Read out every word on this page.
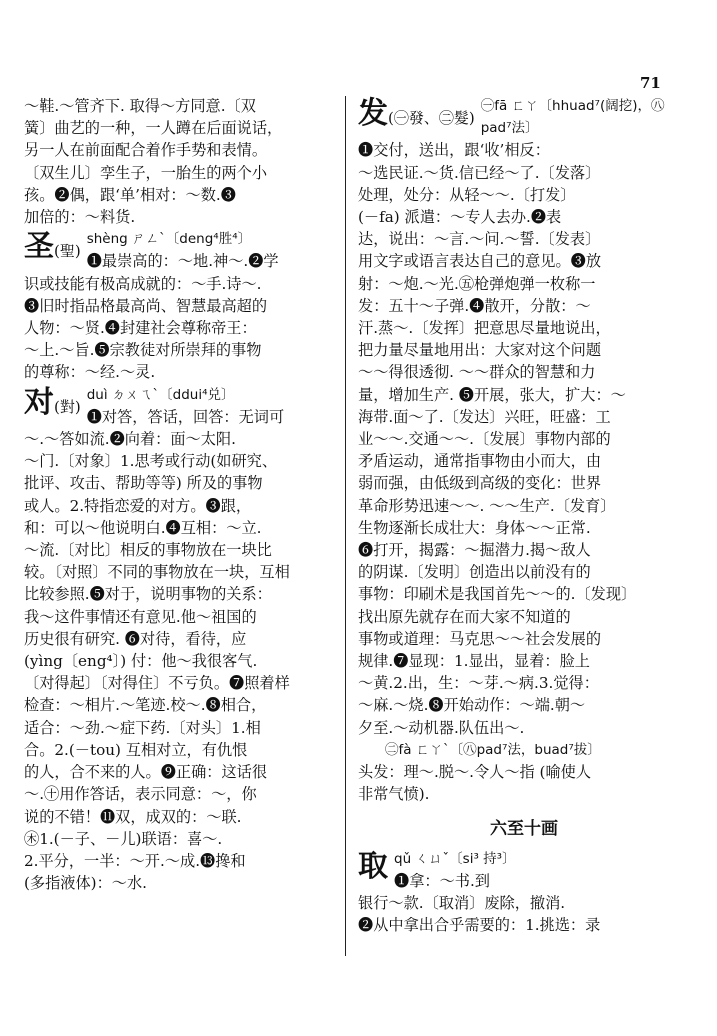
71
～鞋.～管齐下. 取得～方同意.〔双
簧〕曲艺的一种，一人蹲在后面说话，
另一人在前面配合着作手势和表情。
〔双生儿〕孪生子，一胎生的两个小
孩。❷偶，跟‘单’相对：～数.❸
加倍的：～料货.
圣(聖)
shèng ㄕㄥˋ〔deng⁴胜⁴〕
❶最崇高的：～地.神～.❷学
识或技能有极高成就的：～手.诗～.
❸旧时指品格最高尚、智慧最高超的
人物：～贤.❹封建社会尊称帝王：
～上.～旨.❺宗教徒对所崇拜的事物
的尊称：～经.～灵.
对(對)
duì ㄉㄨㄟˋ〔ddui⁴兑〕
❶对答，答话，回答：无词可
～.～答如流.❷向着：面～太阳.
～门.〔对象〕1.思考或行动(如研究、
批评、攻击、帮助等等) 所及的事物
或人。2.特指恋爱的对方。❸跟，
和：可以～他说明白.❹互相：～立.
～流.〔对比〕相反的事物放在一块比
较。〔对照〕不同的事物放在一块，互相
比较参照.❺对于，说明事物的关系：
我～这件事情还有意见.他～祖国的
历史很有研究. ❻对待，看待，应
(yìng〔eng⁴〕) 付：他～我很客气.
〔对得起〕〔对得住〕不亏负。❼照着样
检查：～相片.～笔迹.校～.❽相合，
适合：～劲.～症下药.〔对头〕1.相
合。2.(－tou) 互相对立，有仇恨
的人，合不来的人。❾正确：这话很
～.㊉用作答话，表示同意：～，你
说的不错！⓫双，成双的：～联.
㊍1.(－子、－儿)联语：喜～.
2.平分，一半：～开.～成.⓭搀和
(多指液体)：～水.
发(㊀發、㊁髮)
㊀fā ㄈㄚ〔hhuad⁷(阔挖)，㊇pad⁷法〕
❶交付，送出，跟‘收’相反：
～选民证.～货.信已经～了.〔发落〕
处理，处分：从轻～～.〔打发〕
(－fa) 派遣：～专人去办.❷表
达，说出：～言.～问.～誓.〔发表〕
用文字或语言表达自己的意见。❸放
射：～炮.～光.㊄枪弹炮弹一枚称一
发：五十～子弹.❹散开，分散：～
汗.蒸～.〔发挥〕把意思尽量地说出，
把力量尽量地用出：大家对这个问题
～～得很透彻. ～～群众的智慧和力
量，增加生产. ❺开展，张大，扩大：～
海带.面～了.〔发达〕兴旺，旺盛：工
业～～.交通～～.〔发展〕事物内部的
矛盾运动，通常指事物由小而大，由
弱而强，由低级到高级的变化：世界
革命形势迅速～～. ～～生产.〔发育〕
生物逐渐长成壮大：身体～～正常.
❻打开，揭露：～掘潜力.揭～敌人
的阴谋.〔发明〕创造出以前没有的
事物：印刷术是我国首先～～的.〔发现〕
找出原先就存在而大家不知道的
事物或道理：马克思～～社会发展的
规律.❼显现：1.显出，显着：脸上
～黄.2.出，生：～芽.～病.3.觉得：
～麻.～烧.❽开始动作：～端.朝～
夕至.～动机器.队伍出～.
㊁fà ㄈㄚˋ〔㊇pad⁷法，buad⁷拔〕
头发：理～.脱～.令人～指 (喻使人
非常气愤).
六至十画
取 qǔ ㄑㄩˇ〔si³ 持³〕
❶拿：～书.到
银行～款.〔取消〕废除，撤消.
❷从中拿出合乎需要的：1.挑选：录
